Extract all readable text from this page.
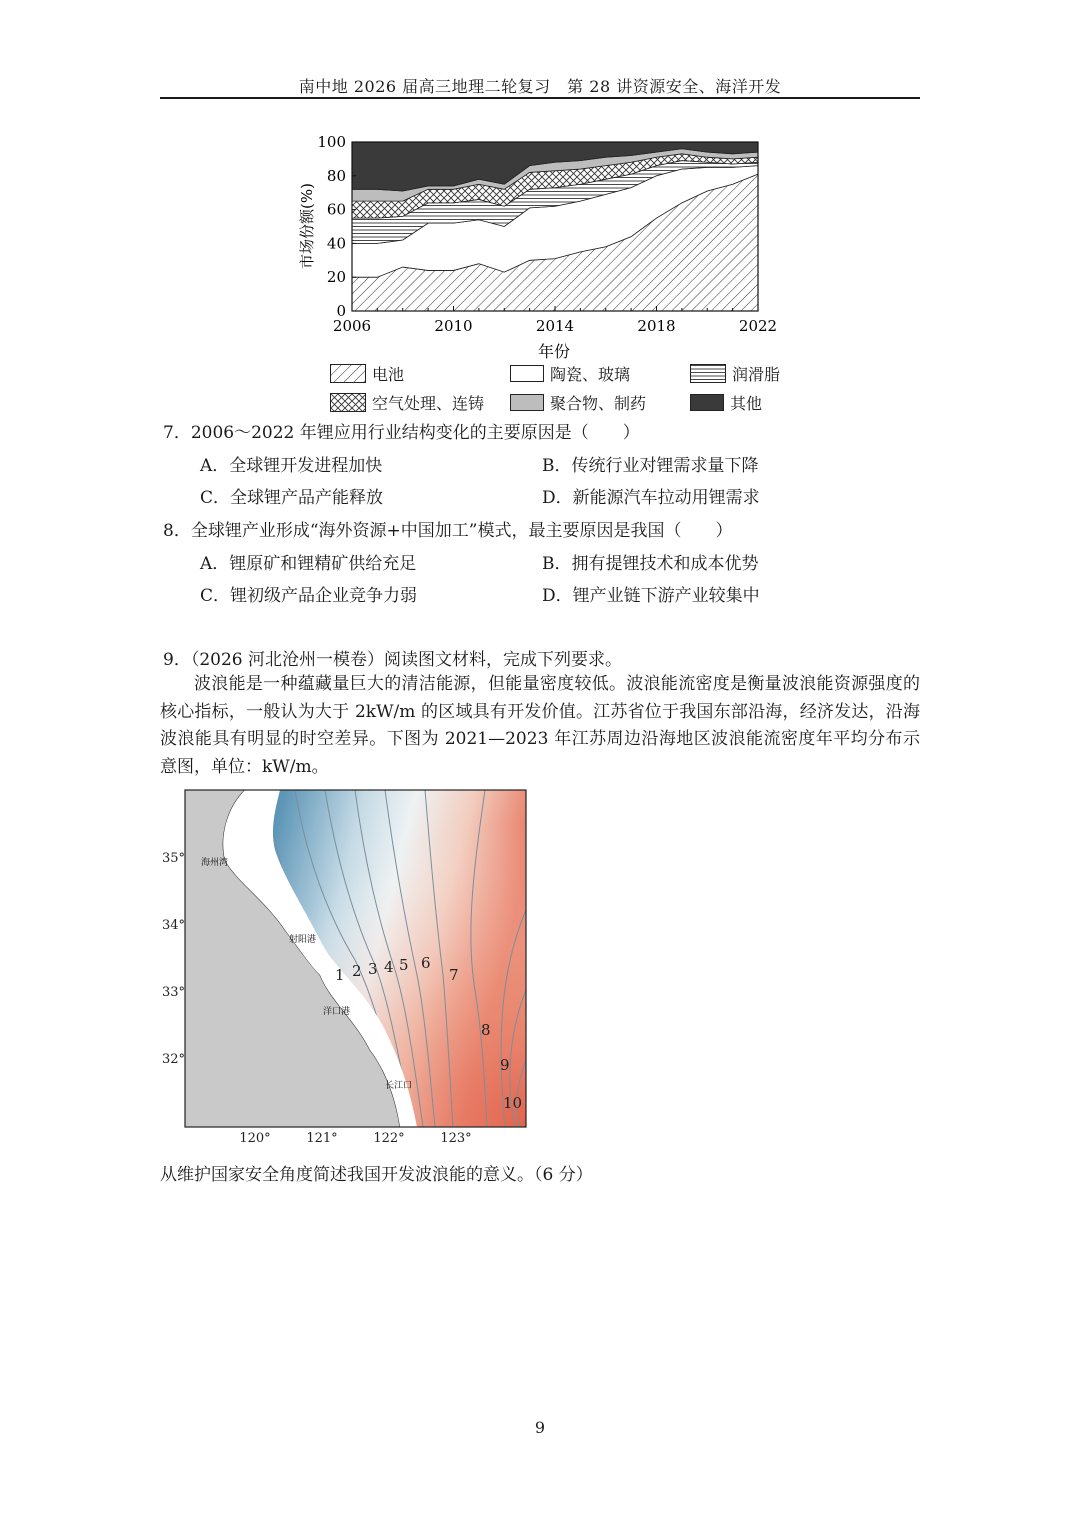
南中地 2026 届高三地理二轮复习　第 28 讲资源安全、海洋开发
0
20
40
60
80
100
2006	2010	2014	2018	2022
市场份额(%)
年份
电池	陶瓷、玻璃	润滑脂
空气处理、连铸	聚合物、制药	其他
7．2006～2022 年锂应用行业结构变化的主要原因是（　　）
A．全球锂开发进程加快	B．传统行业对锂需求量下降
C．全球锂产品产能释放	D．新能源汽车拉动用锂需求
8．全球锂产业形成“海外资源+中国加工”模式，最主要原因是我国（　　）
A．锂原矿和锂精矿供给充足	B．拥有提锂技术和成本优势
C．锂初级产品企业竞争力弱	D．锂产业链下游产业较集中
9．（2026 河北沧州一模卷）阅读图文材料，完成下列要求。
波浪能是一种蕴藏量巨大的清洁能源，但能量密度较低。波浪能流密度是衡量波浪能资源强度的核心指标，一般认为大于 2kW/m 的区域具有开发价值。江苏省位于我国东部沿海，经济发达，沿海波浪能具有明显的时空差异。下图为 2021—2023 年江苏周边沿海地区波浪能流密度年平均分布示意图，单位：kW/m。
1 2 3 4 5 6
7
8
9
10
海州湾
射阳港
洋口港
长江口
35°
34°
33°
32°
120°	121°	122°	123°
从维护国家安全角度简述我国开发波浪能的意义。（6 分）
9
